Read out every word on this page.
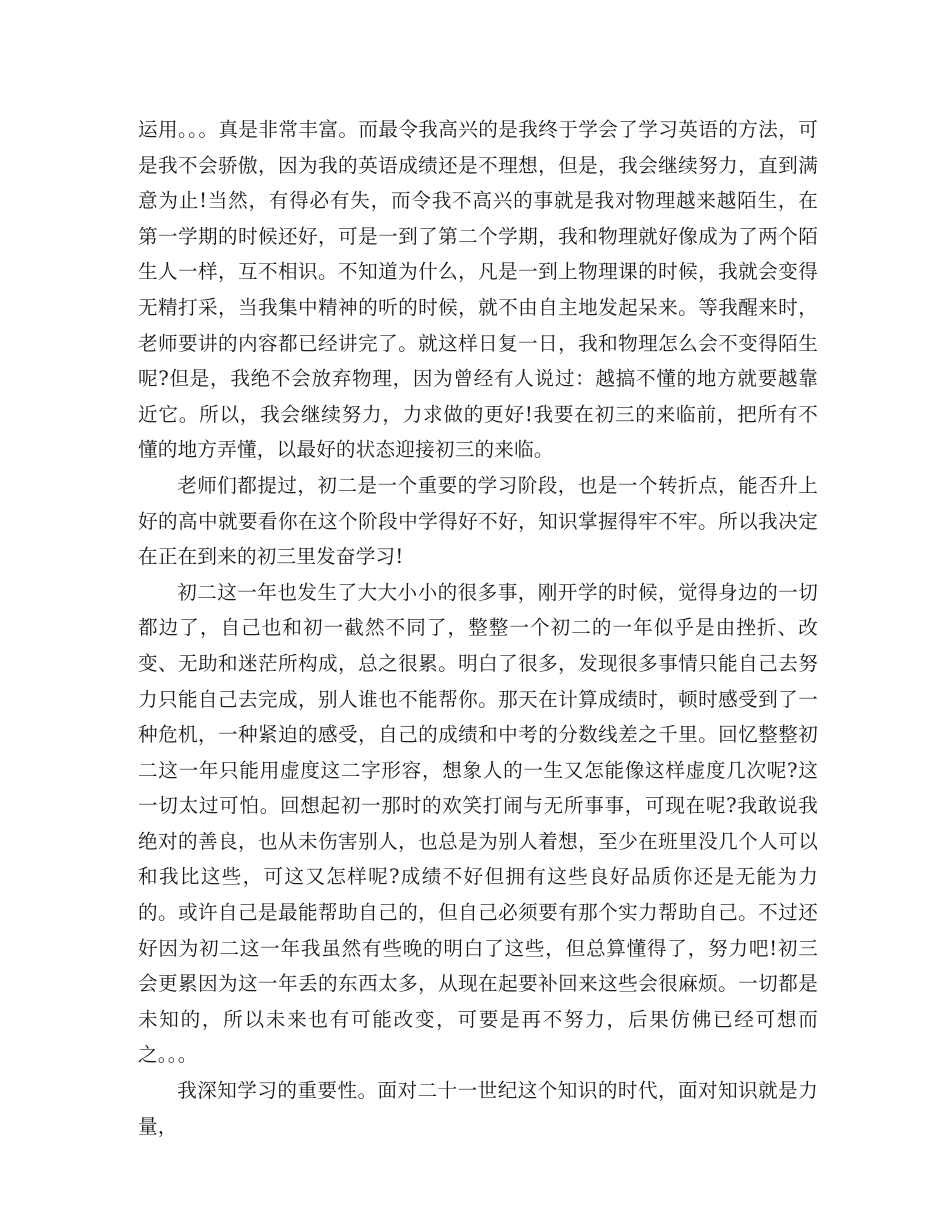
运用。。。真是非常丰富。而最令我高兴的是我终于学会了学习英语的方法，可是我不会骄傲，因为我的英语成绩还是不理想，但是，我会继续努力，直到满意为止!当然，有得必有失，而令我不高兴的事就是我对物理越来越陌生，在第一学期的时候还好，可是一到了第二个学期，我和物理就好像成为了两个陌生人一样，互不相识。不知道为什么，凡是一到上物理课的时候，我就会变得无精打采，当我集中精神的听的时候，就不由自主地发起呆来。等我醒来时，老师要讲的内容都已经讲完了。就这样日复一日，我和物理怎么会不变得陌生呢?但是，我绝不会放弃物理，因为曾经有人说过：越搞不懂的地方就要越靠近它。所以，我会继续努力，力求做的更好!我要在初三的来临前，把所有不懂的地方弄懂，以最好的状态迎接初三的来临。

老师们都提过，初二是一个重要的学习阶段，也是一个转折点，能否升上好的高中就要看你在这个阶段中学得好不好，知识掌握得牢不牢。所以我决定在正在到来的初三里发奋学习!

初二这一年也发生了大大小小的很多事，刚开学的时候，觉得身边的一切都边了，自己也和初一截然不同了，整整一个初二的一年似乎是由挫折、改变、无助和迷茫所构成，总之很累。明白了很多，发现很多事情只能自己去努力只能自己去完成，别人谁也不能帮你。那天在计算成绩时，顿时感受到了一种危机，一种紧迫的感受，自己的成绩和中考的分数线差之千里。回忆整整初二这一年只能用虚度这二字形容，想象人的一生又怎能像这样虚度几次呢?这一切太过可怕。回想起初一那时的欢笑打闹与无所事事，可现在呢?我敢说我绝对的善良，也从未伤害别人，也总是为别人着想，至少在班里没几个人可以和我比这些，可这又怎样呢?成绩不好但拥有这些良好品质你还是无能为力的。或许自己是最能帮助自己的，但自己必须要有那个实力帮助自己。不过还好因为初二这一年我虽然有些晚的明白了这些，但总算懂得了，努力吧!初三会更累因为这一年丢的东西太多，从现在起要补回来这些会很麻烦。一切都是未知的，所以未来也有可能改变，可要是再不努力，后果仿佛已经可想而之。。。

我深知学习的重要性。面对二十一世纪这个知识的时代，面对知识就是力量，
